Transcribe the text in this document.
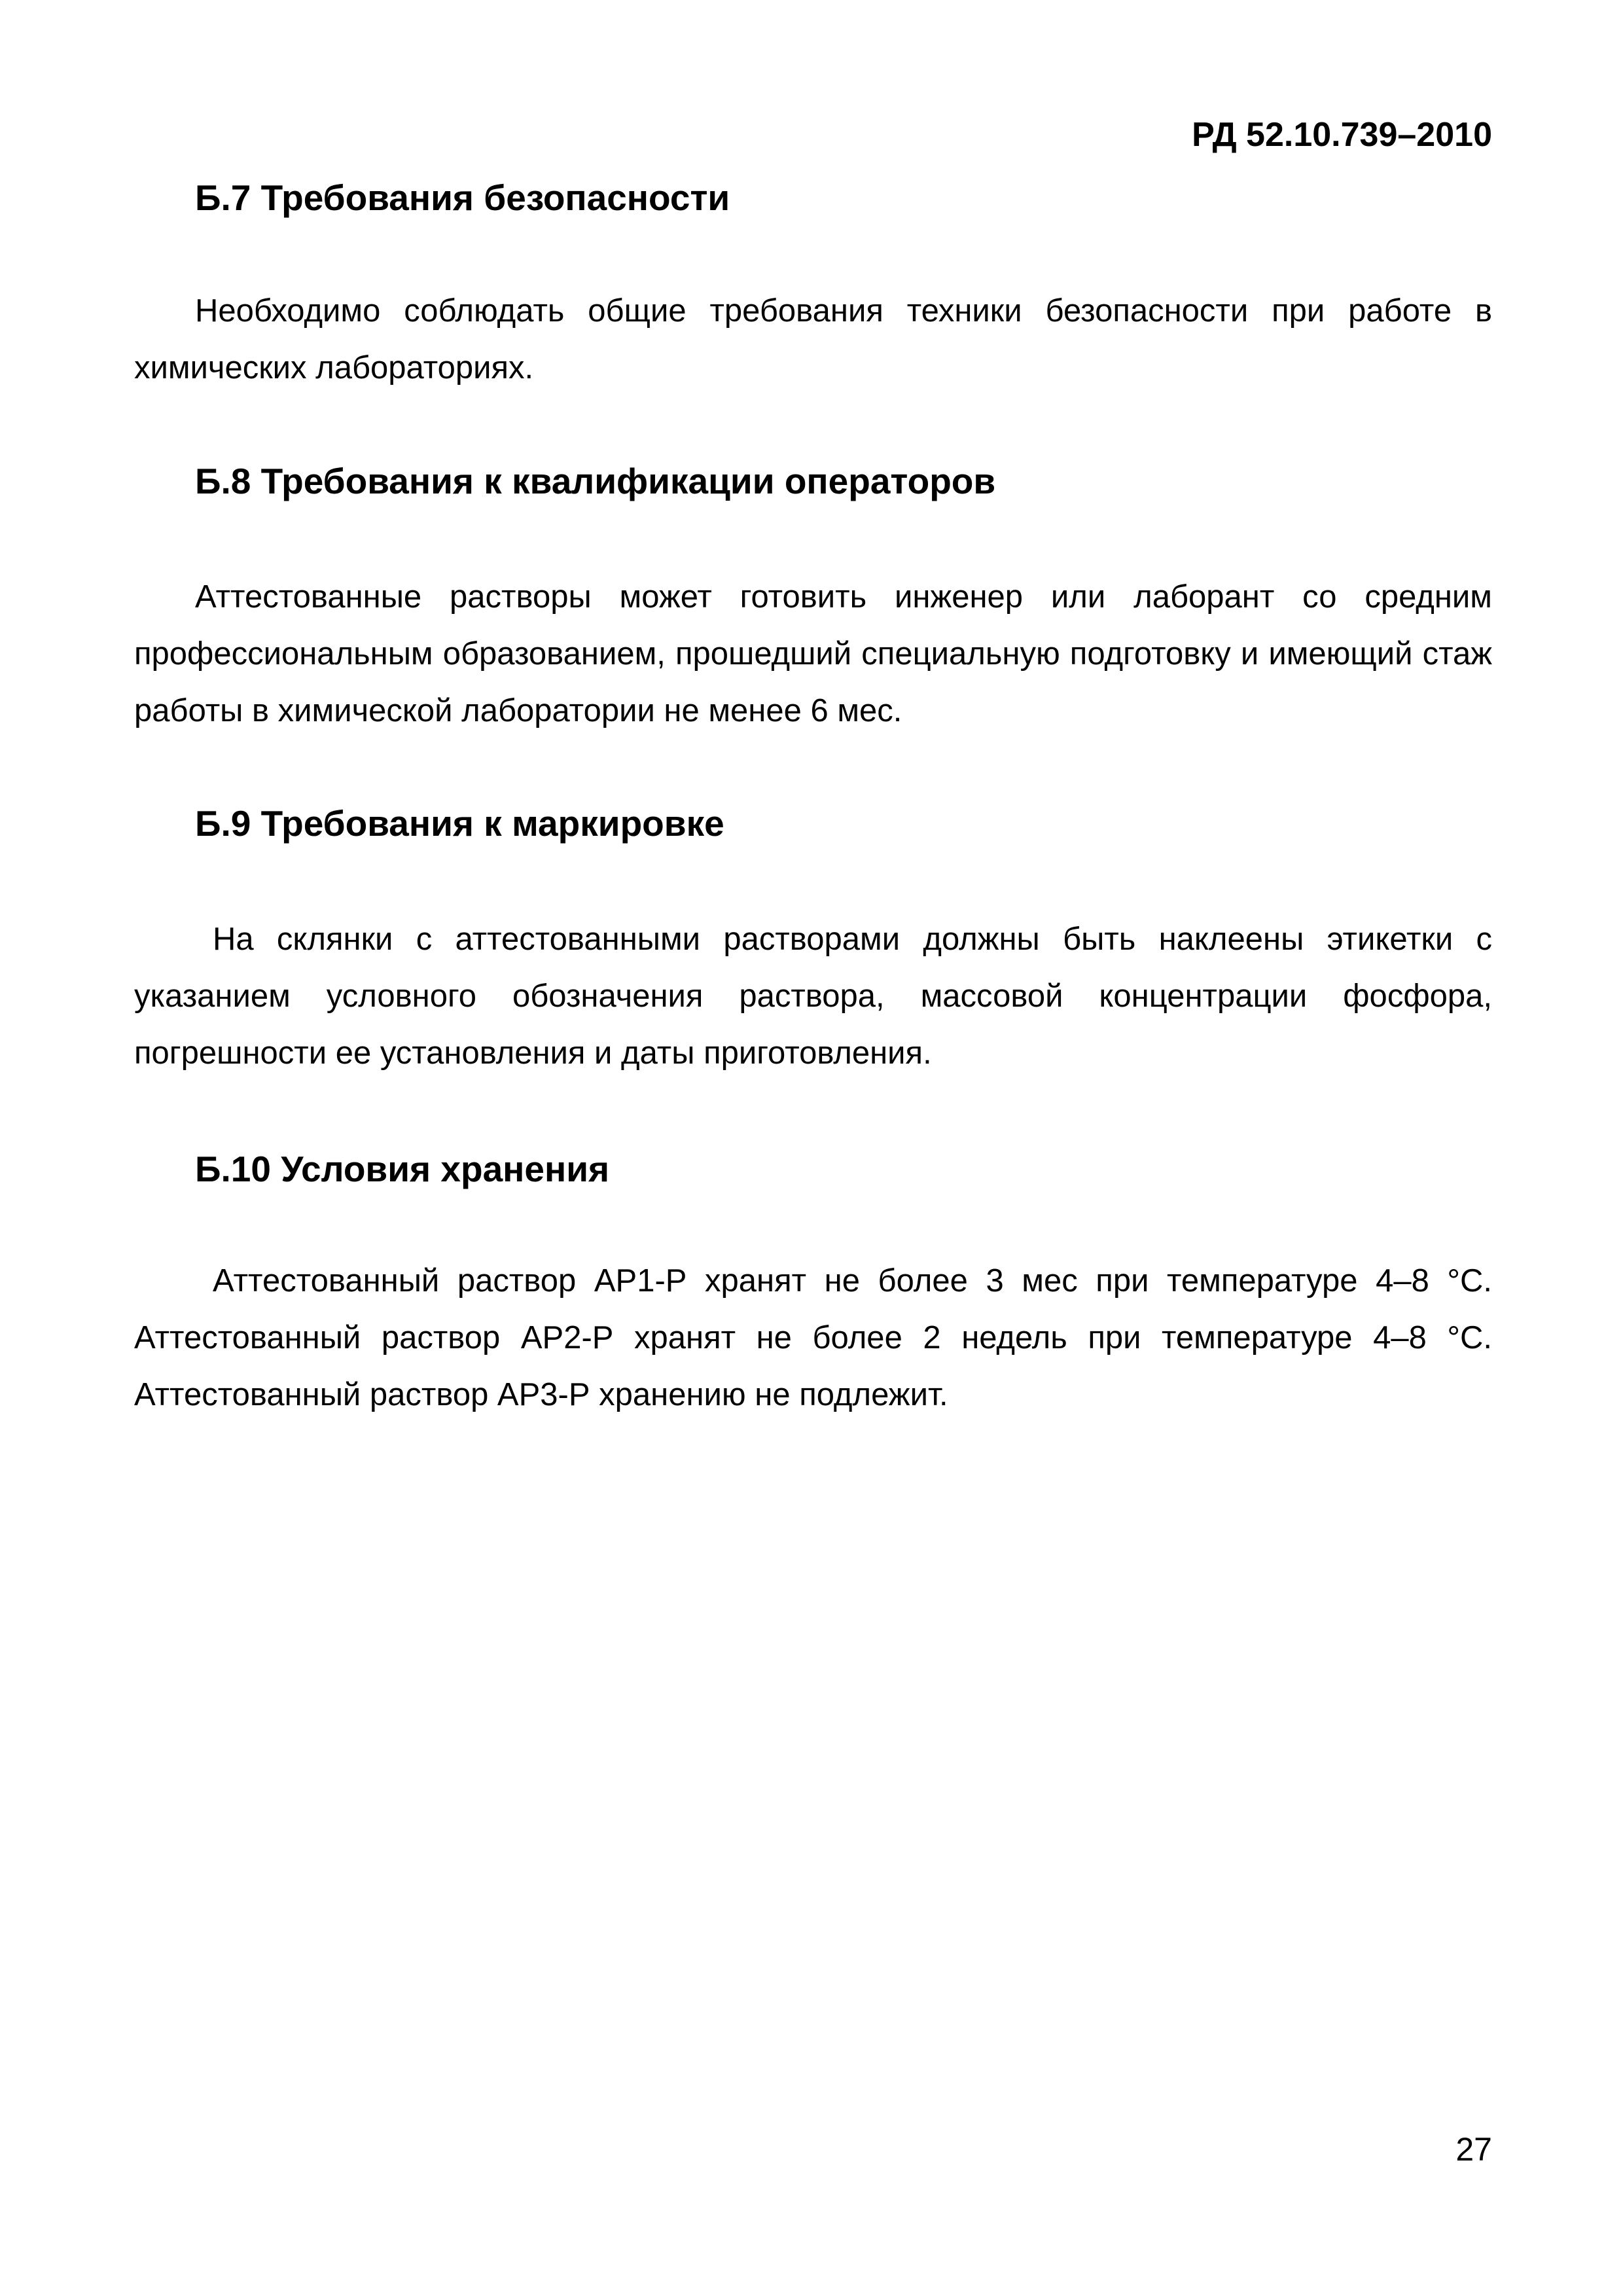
РД 52.10.739–2010
Б.7 Требования безопасности
Необходимо соблюдать общие требования техники безопасности при работе в химических лабораториях.
Б.8 Требования к квалификации операторов
Аттестованные растворы может готовить инженер или лаборант со средним профессиональным образованием, прошедший специальную подготовку и имеющий стаж работы в химической лаборатории не менее 6 мес.
Б.9 Требования к маркировке
На склянки с аттестованными растворами должны быть наклеены этикетки с указанием условного обозначения раствора, массовой концентрации фосфора, погрешности ее установления и даты приготовления.
Б.10 Условия хранения
Аттестованный раствор АР1-Р хранят не более 3 мес при температуре 4–8 °С.
Аттестованный раствор АР2-Р хранят не более 2 недель при температуре 4–8 °С.
Аттестованный раствор АР3-Р хранению не подлежит.
27
